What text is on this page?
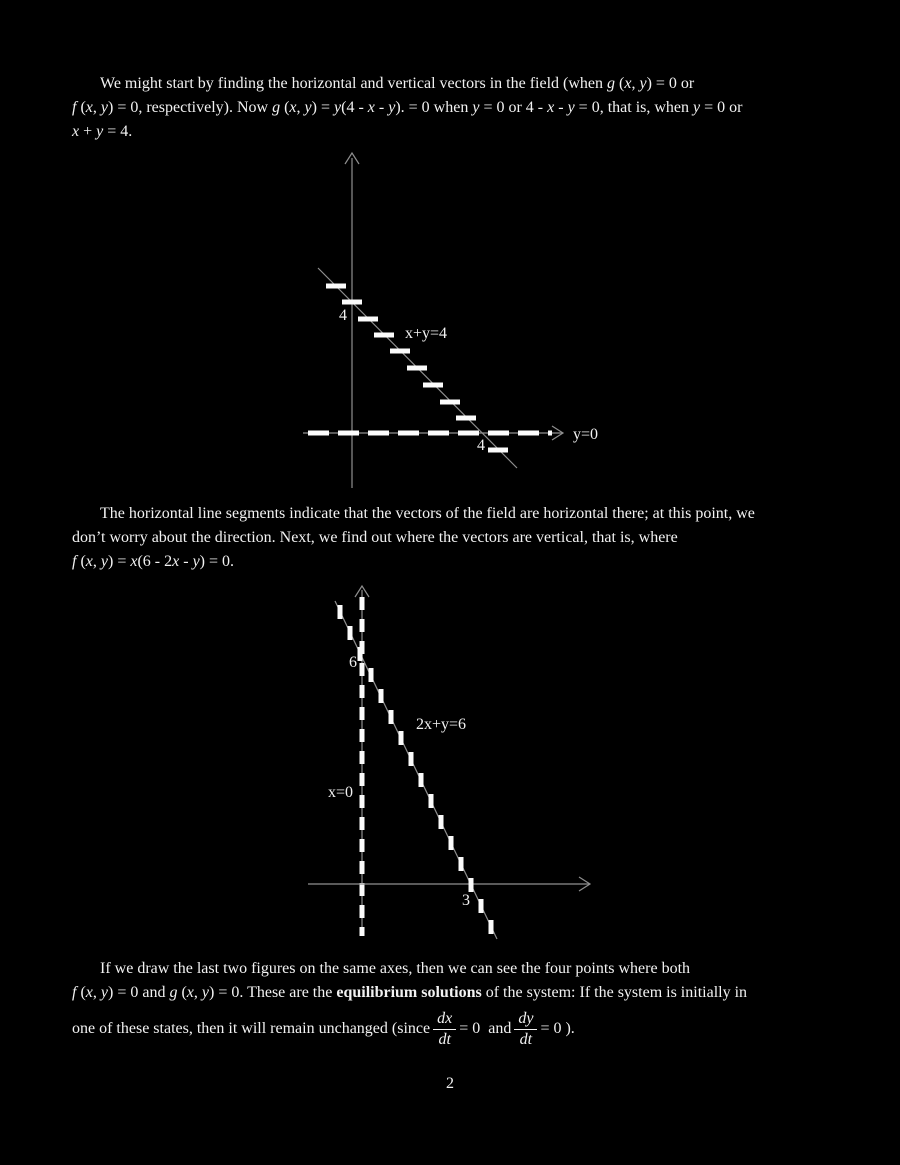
We might start by finding the horizontal and vertical vectors in the field (when g (x, y) = 0 or
f (x, y) = 0, respectively). Now g (x, y) = y(4 - x - y). = 0 when y = 0 or 4 - x - y = 0, that is, when y = 0 or
x + y = 4.
4
x+y=4
y=0
4
The horizontal line segments indicate that the vectors of the field are horizontal there; at this point, we
don’t worry about the direction. Next, we find out where the vectors are vertical, that is, where
f (x, y) = x(6 - 2x - y) = 0.
6
2x+y=6
x=0
3
If we draw the last two figures on the same axes, then we can see the four points where both
f (x, y) = 0 and g (x, y) = 0. These are the equilibrium solutions of the system: If the system is initially in
one of these states, then it will remain unchanged (since $\frac{dx}{dt} = 0$  and $\frac{dy}{dt} = 0$ ).
2
